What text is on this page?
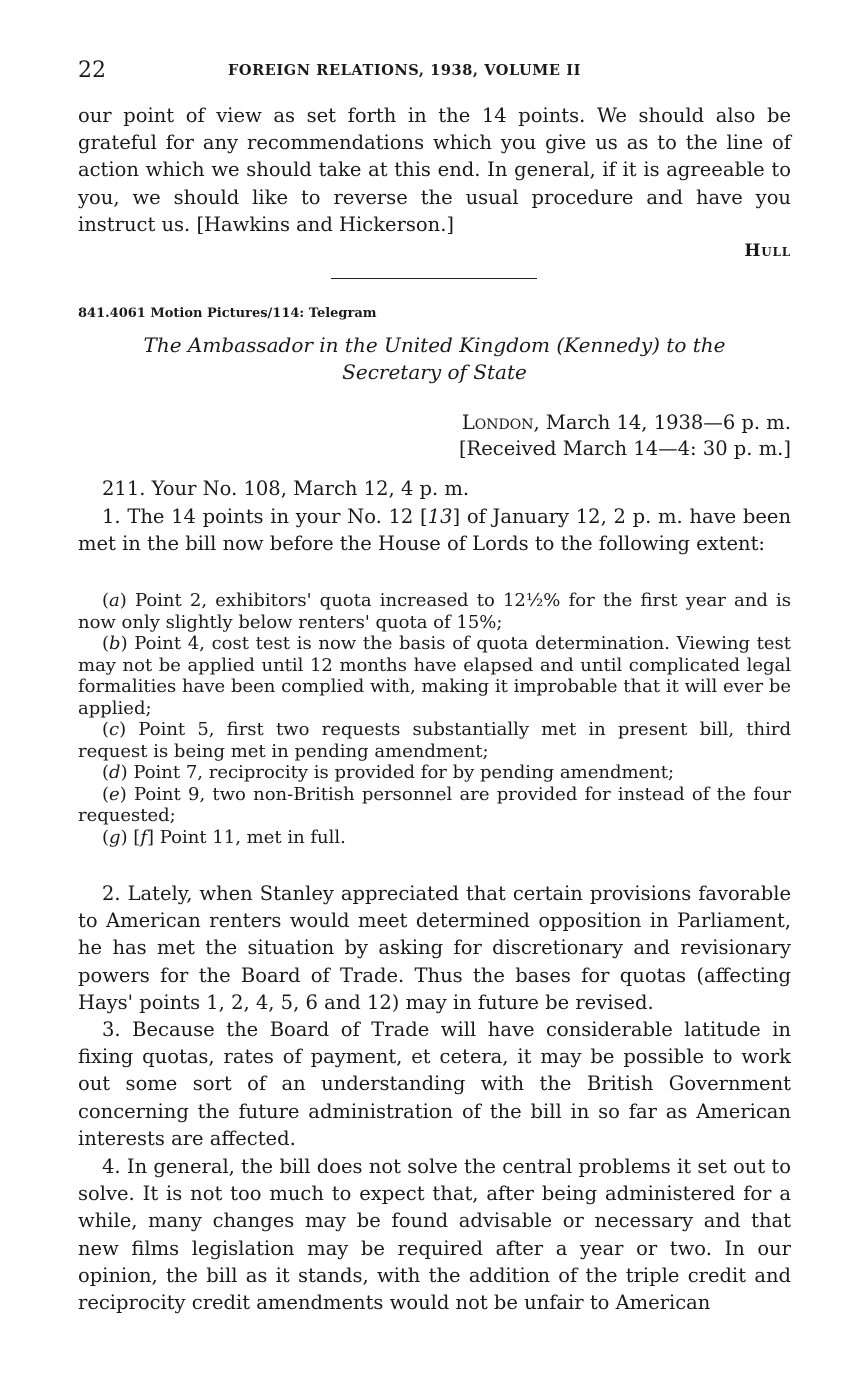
22	FOREIGN RELATIONS, 1938, VOLUME II

our point of view as set forth in the 14 points. We should also be grateful for any recommendations which you give us as to the line of action which we should take at this end. In general, if it is agreeable to you, we should like to reverse the usual procedure and have you instruct us. [Hawkins and Hickerson.]

Hull
841.4061 Motion Pictures/114: Telegram
The Ambassador in the United Kingdom (Kennedy) to the
Secretary of State
London, March 14, 1938—6 p. m.
[Received March 14—4: 30 p. m.]

211. Your No. 108, March 12, 4 p. m.

1. The 14 points in your No. 12 [13] of January 12, 2 p. m. have been met in the bill now before the House of Lords to the following extent:

(a) Point 2, exhibitors' quota increased to 12½% for the first year and is now only slightly below renters' quota of 15%;

(b) Point 4, cost test is now the basis of quota determination. Viewing test may not be applied until 12 months have elapsed and until complicated legal formalities have been complied with, making it improbable that it will ever be applied;

(c) Point 5, first two requests substantially met in present bill, third request is being met in pending amendment;

(d) Point 7, reciprocity is provided for by pending amendment;

(e) Point 9, two non-British personnel are provided for instead of the four requested;

(g) [f] Point 11, met in full.

2. Lately, when Stanley appreciated that certain provisions favorable to American renters would meet determined opposition in Parliament, he has met the situation by asking for discretionary and revisionary powers for the Board of Trade. Thus the bases for quotas (affecting Hays' points 1, 2, 4, 5, 6 and 12) may in future be revised.

3. Because the Board of Trade will have considerable latitude in fixing quotas, rates of payment, et cetera, it may be possible to work out some sort of an understanding with the British Government concerning the future administration of the bill in so far as American interests are affected.

4. In general, the bill does not solve the central problems it set out to solve. It is not too much to expect that, after being administered for a while, many changes may be found advisable or necessary and that new films legislation may be required after a year or two. In our opinion, the bill as it stands, with the addition of the triple credit and reciprocity credit amendments would not be unfair to American
